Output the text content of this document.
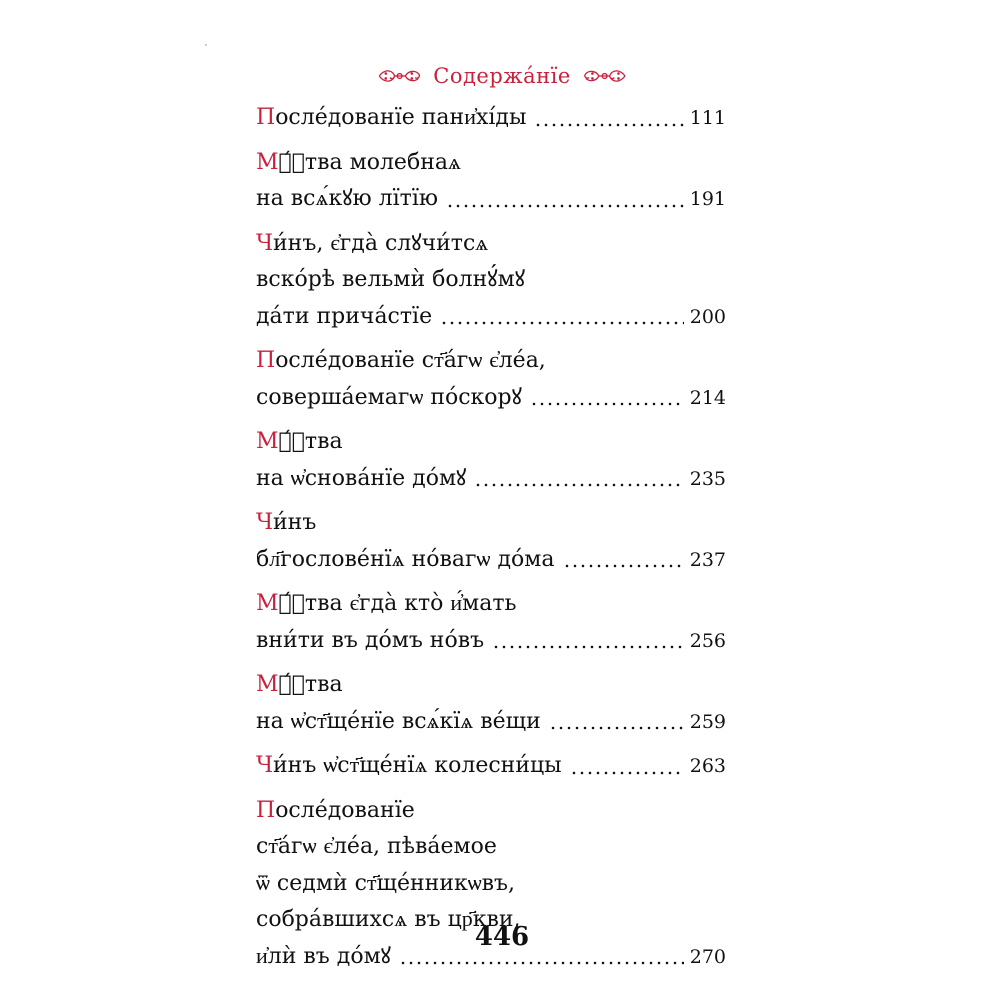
Содержа́нїе
П осле́дованїе пани҆хі́ды	111
М ѡ́ⷧтва молебнаѧ
на всѧ́кꙋю лїтїю	191
Ч и́нъ, є҆гда̀ слꙋчи́тсѧ
вско́рѣ вельмѝ болнꙋ́мꙋ
да́ти прича́стїе	200
П осле́дованїе ст҃а́гѡ є҆ле́а,
соверша́емагѡ по́скорꙋ	214
М ѡ́ⷧтва
на ѡ҆снова́нїе до́мꙋ	235
Ч и́нъ
бл҃гослове́нїѧ но́вагѡ до́ма	237
М ѡ́ⷧтва є҆гда̀ кто̀ и҆́мать
вни́ти въ до́мъ но́въ	256
М ѡ́ⷧтва
на ѡ҆ст҃ще́нїе всѧ́кїѧ ве́щи	259
Ч и́нъ ѡ҆ст҃ще́нїѧ колесни́цы	263
П осле́дованїе
ст҃а́гѡ є҆ле́а, пѣва́емое
ѿ седмѝ ст҃ще́нникѡвъ,
собра́вшихсѧ въ цр҃кви,
и҆лѝ въ до́мꙋ	270
446
